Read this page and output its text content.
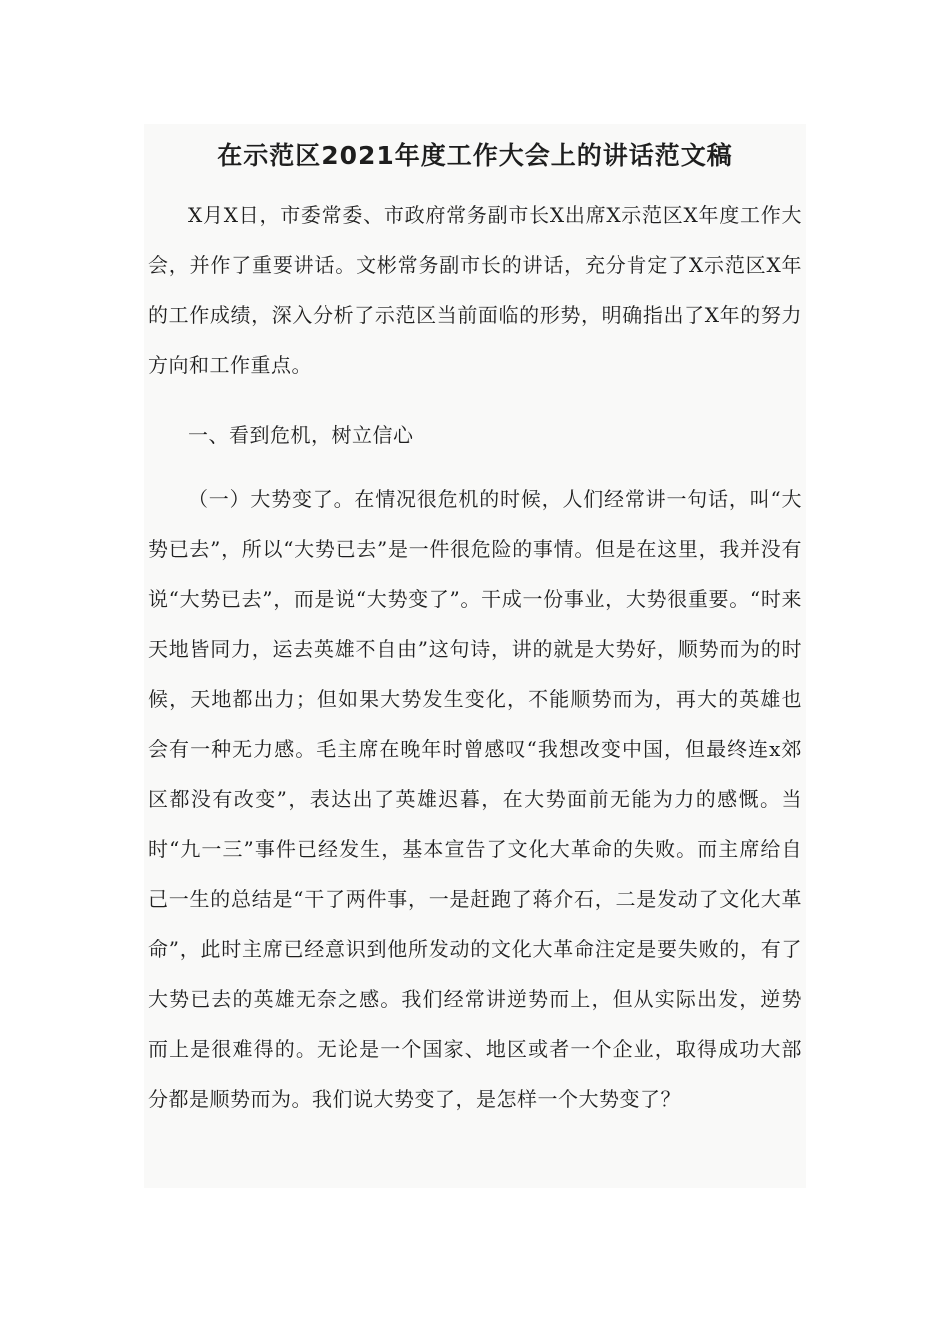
在示范区2021年度工作大会上的讲话范文稿

X月X日，市委常委、市政府常务副市长X出席X示范区X年度工作大会，并作了重要讲话。文彬常务副市长的讲话，充分肯定了X示范区X年的工作成绩，深入分析了示范区当前面临的形势，明确指出了X年的努力方向和工作重点。

一、看到危机，树立信心

（一）大势变了。在情况很危机的时候，人们经常讲一句话，叫“大势已去”，所以“大势已去”是一件很危险的事情。但是在这里，我并没有说“大势已去”，而是说“大势变了”。干成一份事业，大势很重要。“时来天地皆同力，运去英雄不自由”这句诗，讲的就是大势好，顺势而为的时候，天地都出力；但如果大势发生变化，不能顺势而为，再大的英雄也会有一种无力感。毛主席在晚年时曾感叹“我想改变中国，但最终连x郊区都没有改变”，表达出了英雄迟暮，在大势面前无能为力的感慨。当时“九一三”事件已经发生，基本宣告了文化大革命的失败。而主席给自己一生的总结是“干了两件事，一是赶跑了蒋介石，二是发动了文化大革命”，此时主席已经意识到他所发动的文化大革命注定是要失败的，有了大势已去的英雄无奈之感。我们经常讲逆势而上，但从实际出发，逆势而上是很难得的。无论是一个国家、地区或者一个企业，取得成功大部分都是顺势而为。我们说大势变了，是怎样一个大势变了？
